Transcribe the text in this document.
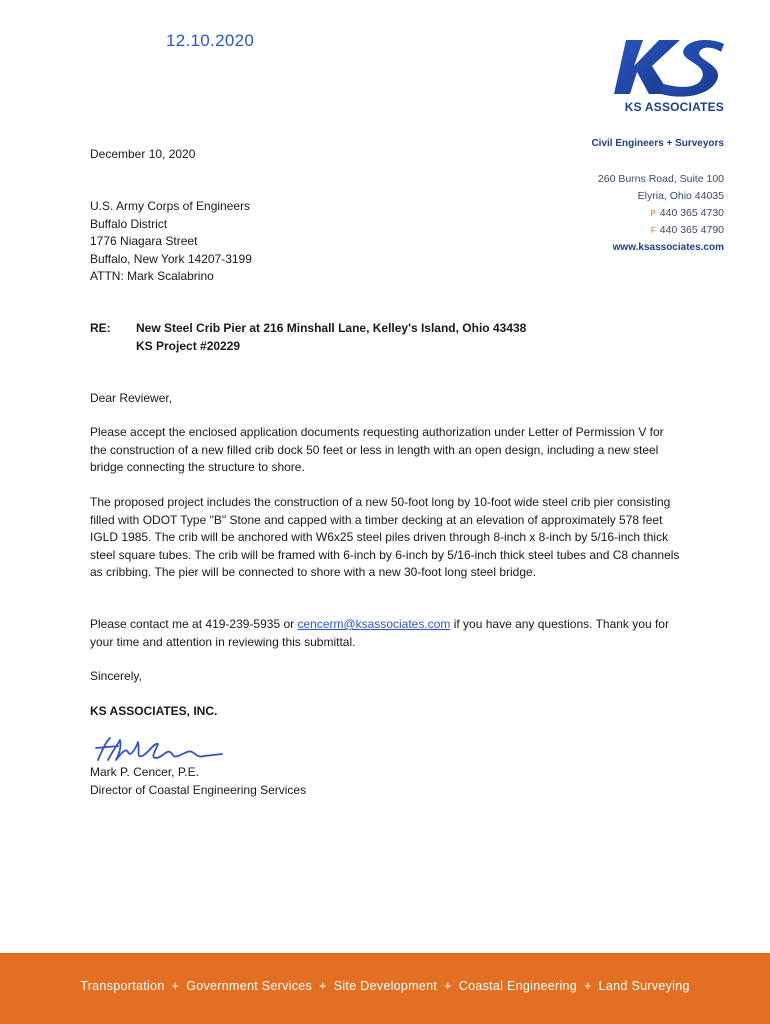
12.10.2020
KS ASSOCIATES
Civil Engineers + Surveyors
260 Burns Road, Suite 100
Elyria, Ohio 44035
P 440 365 4730
F 440 365 4790
www.ksassociates.com
December 10, 2020
U.S. Army Corps of Engineers
Buffalo District
1776 Niagara Street
Buffalo, New York 14207-3199
ATTN: Mark Scalabrino
RE: New Steel Crib Pier at 216 Minshall Lane, Kelley's Island, Ohio 43438
KS Project #20229
Dear Reviewer,
Please accept the enclosed application documents requesting authorization under Letter of Permission V for the construction of a new filled crib dock 50 feet or less in length with an open design, including a new steel bridge connecting the structure to shore.
The proposed project includes the construction of a new 50-foot long by 10-foot wide steel crib pier consisting filled with ODOT Type "B" Stone and capped with a timber decking at an elevation of approximately 578 feet IGLD 1985. The crib will be anchored with W6x25 steel piles driven through 8-inch x 8-inch by 5/16-inch thick steel square tubes. The crib will be framed with 6-inch by 6-inch by 5/16-inch thick steel tubes and C8 channels as cribbing. The pier will be connected to shore with a new 30-foot long steel bridge.
Please contact me at 419-239-5935 or cencerm@ksassociates.com if you have any questions. Thank you for your time and attention in reviewing this submittal.
Sincerely,
KS ASSOCIATES, INC.
Mark P. Cencer, P.E.
Director of Coastal Engineering Services
Transportation + Government Services + Site Development + Coastal Engineering + Land Surveying
